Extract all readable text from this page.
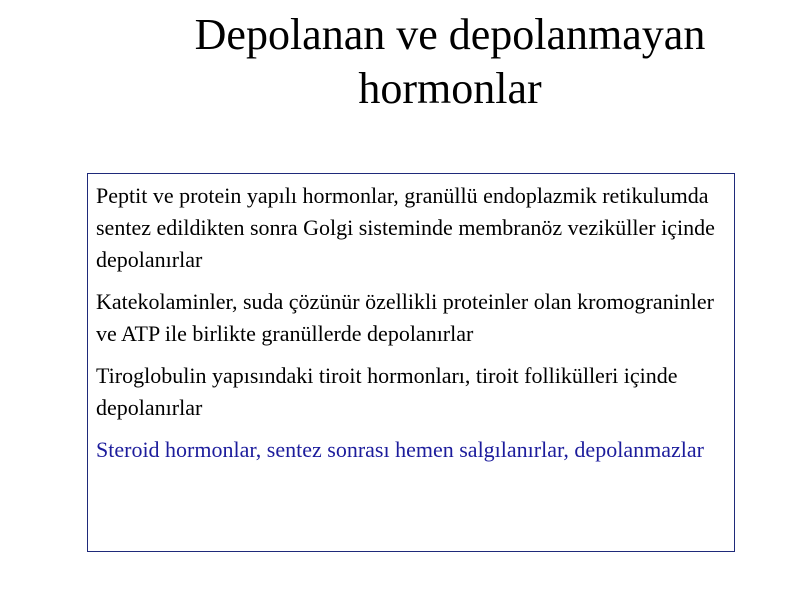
Depolanan ve depolanmayan hormonlar

Peptit ve protein yapılı hormonlar, granüllü endoplazmik retikulumda sentez edildikten sonra Golgi sisteminde membranöz veziküller içinde depolanırlar

Katekolaminler, suda çözünür özellikli proteinler olan kromograninler ve ATP ile birlikte granüllerde depolanırlar

Tiroglobulin yapısındaki tiroit hormonları, tiroit follikülleri içinde depolanırlar

Steroid hormonlar, sentez sonrası hemen salgılanırlar, depolanmazlar
